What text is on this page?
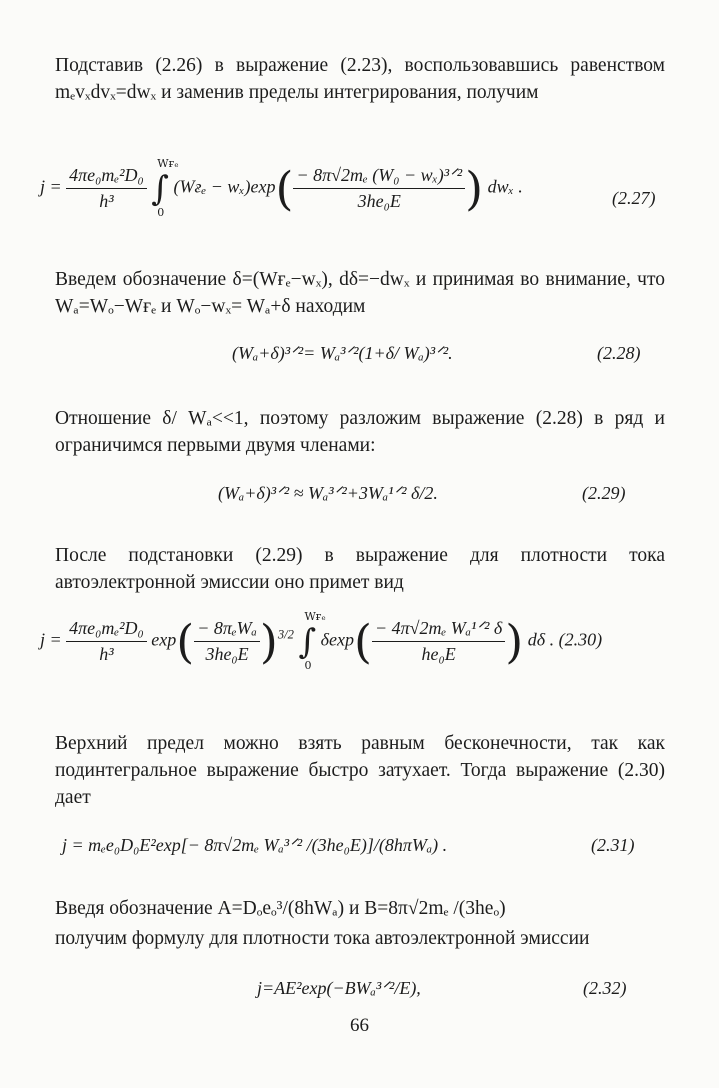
Подставив (2.26) в выражение (2.23), воспользовавшись равенством mₑvₓdvₓ=dwₓ и заменив пределы интегрирования, получим
$j = \frac{\text{4πe₀mₑ²D₀}}{\text{h³}}$ ∫
Wғₑ
0
$(Wғ_e - w_x)\exp( \frac{\text{− 8π√2mₑ (W₀ − wₓ)³ᐟ²}}{\text{3he₀E}}$ ) dwₓ .
(2.27)
Введем обозначение δ=(Wғₑ−wₓ), dδ=−dwₓ и принимая во внимание, что Wₐ=Wₒ−Wғₑ и Wₒ−wₓ= Wₐ+δ находим
(Wₐ+δ)³ᐟ²= Wₐ³ᐟ²(1+δ/ Wₐ)³ᐟ².	(2.28)
Отношение δ/ Wₐ<<1, поэтому разложим выражение (2.28) в ряд и ограничимся первыми двумя членами:
(Wₐ+δ)³ᐟ² ≈ Wₐ³ᐟ²+3Wₐ¹ᐟ² δ/2.	(2.29)
После подстановки (2.29) в выражение для плотности тока автоэлектронной эмиссии оно примет вид
$j = \frac{\text{4πe₀mₑ²D₀}}{\text{h³}} \exp( \frac{\text{− 8πₑWₐ}}{\text{3he₀E}} )^{3/2}$ ∫
Wғₑ
0
$\delta\exp( \frac{\text{− 4π√2mₑ Wₐ¹ᐟ² δ}}{\text{he₀E}}$ ) dδ . (2.30)
Верхний предел можно взять равным бесконечности, так как подинтегральное выражение быстро затухает. Тогда выражение (2.30) дает
j = mₑe₀D₀E²exp[− 8π√2mₑ Wₐ³ᐟ² /(3he₀E)]/(8hπWₐ) .	(2.31)
Введя обозначение A=Dₒeₒ³/(8hWₐ) и B=8π√2mₑ /(3heₒ)
получим формулу для плотности тока автоэлектронной эмиссии
j=AE²exp(−BWₐ³ᐟ²/E),	(2.32)
66
